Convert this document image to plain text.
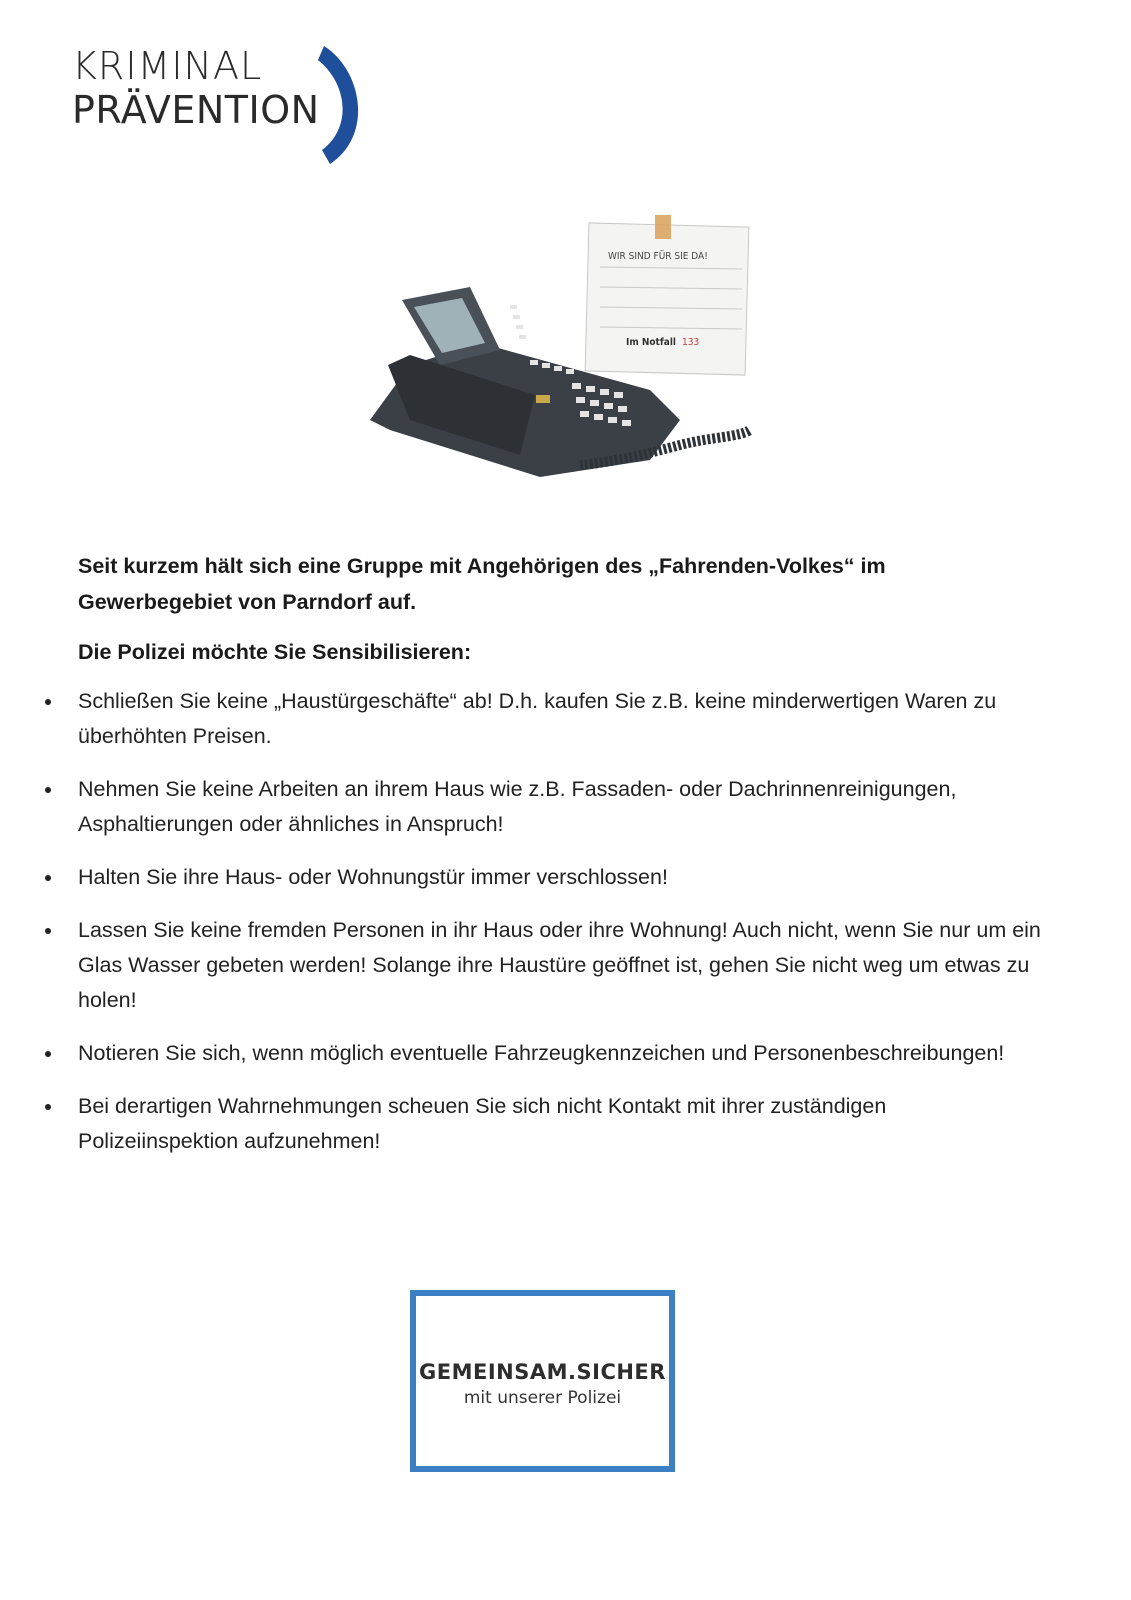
KRIMINAL
PRÄVENTION
WIR SIND FÜR SIE DA!
Im Notfall 133

Seit kurzem hält sich eine Gruppe mit Angehörigen des „Fahrenden-Volkes“ im Gewerbegebiet von Parndorf auf.

Die Polizei möchte Sie Sensibilisieren:

Schließen Sie keine „Haustürgeschäfte“ ab! D.h. kaufen Sie z.B. keine minderwertigen Waren zu überhöhten Preisen.
Nehmen Sie keine Arbeiten an ihrem Haus wie z.B. Fassaden- oder Dachrinnenreinigungen, Asphaltierungen oder ähnliches in Anspruch!
Halten Sie ihre Haus- oder Wohnungstür immer verschlossen!
Lassen Sie keine fremden Personen in ihr Haus oder ihre Wohnung! Auch nicht, wenn Sie nur um ein Glas Wasser gebeten werden! Solange ihre Haustüre geöffnet ist, gehen Sie nicht weg um etwas zu holen!
Notieren Sie sich, wenn möglich eventuelle Fahrzeugkennzeichen und Personenbeschreibungen!
Bei derartigen Wahrnehmungen scheuen Sie sich nicht Kontakt mit ihrer zuständigen Polizeiinspektion aufzunehmen!
GEMEINSAM.SICHER
mit unserer Polizei
